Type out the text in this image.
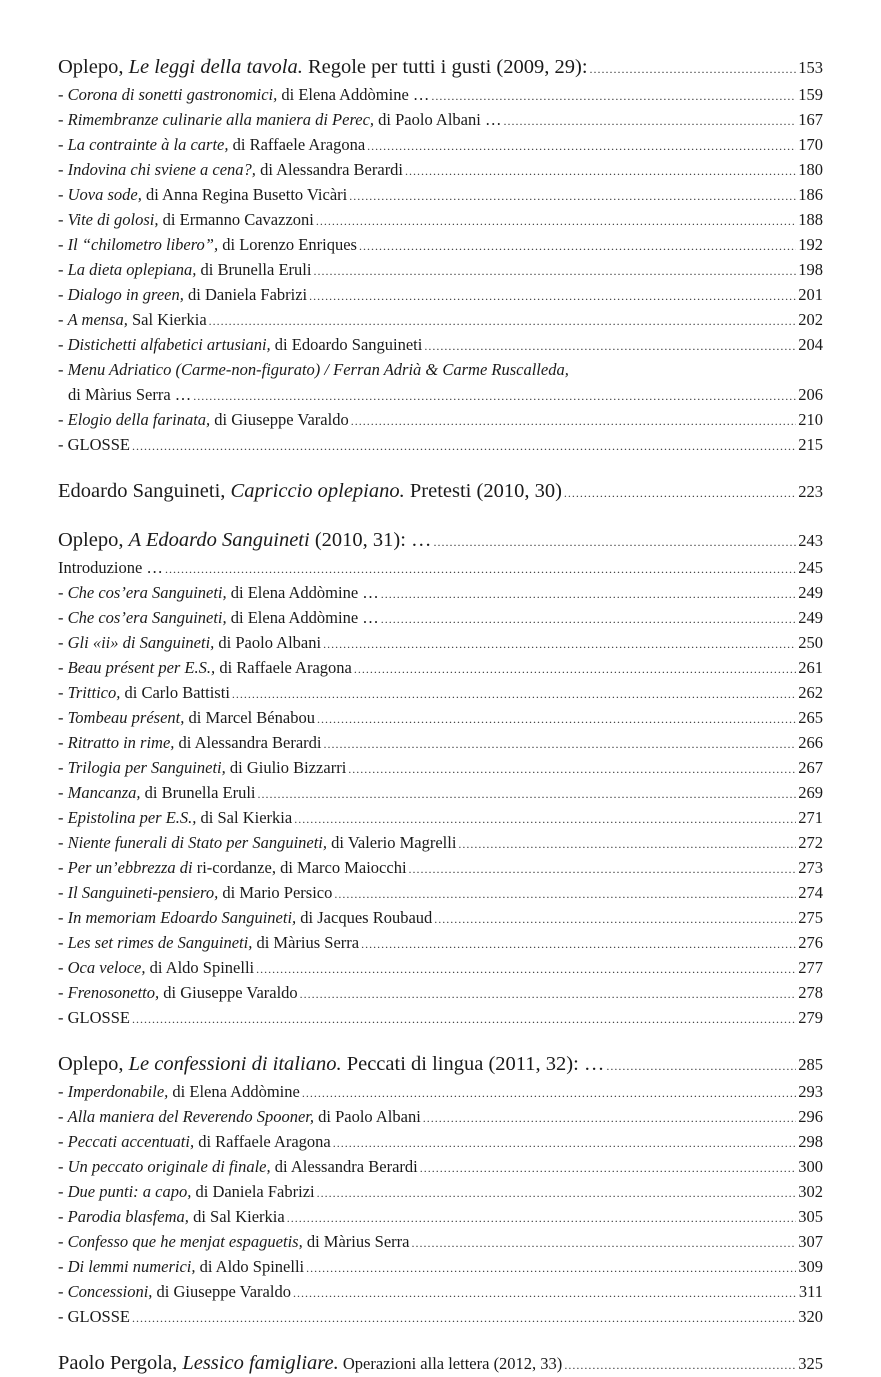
Oplepo, Le leggi della tavola. Regole per tutti i gusti (2009, 29): .....	153
- Corona di sonetti gastronomici, di Elena Addòmine … .....	159
- Rimembranze culinarie alla maniera di Perec, di Paolo Albani … .....	167
- La contrainte à la carte, di Raffaele Aragona .....	170
- Indovina chi sviene a cena?, di Alessandra Berardi .....	180
- Uova sode, di Anna Regina Busetto Vicàri .....	186
- Vite di golosi, di Ermanno Cavazzoni .....	188
- Il “chilometro libero”, di Lorenzo Enriques .....	192
- La dieta oplepiana, di Brunella Eruli .....	198
- Dialogo in green, di Daniela Fabrizi .....	201
- A mensa, Sal Kierkia .....	202
- Distichetti alfabetici artusiani, di Edoardo Sanguineti .....	204
- Menu Adriatico (Carme-non-figurato) / Ferran Adrià & Carme Ruscalleda,
di Màrius Serra … .....	206
- Elogio della farinata, di Giuseppe Varaldo .....	210
- GLOSSE .....	215
Edoardo Sanguineti, Capriccio oplepiano. Pretesti (2010, 30) .....	223
Oplepo, A Edoardo Sanguineti (2010, 31): … .....	243
Introduzione … .....	245
- Che cos’era Sanguineti, di Elena Addòmine … .....	249
- Che cos’era Sanguineti, di Elena Addòmine … .....	249
- Gli «ii» di Sanguineti, di Paolo Albani .....	250
- Beau présent per E.S., di Raffaele Aragona .....	261
- Trittico, di Carlo Battisti .....	262
- Tombeau présent, di Marcel Bénabou .....	265
- Ritratto in rime, di Alessandra Berardi .....	266
- Trilogia per Sanguineti, di Giulio Bizzarri .....	267
- Mancanza, di Brunella Eruli .....	269
- Epistolina per E.S., di Sal Kierkia .....	271
- Niente funerali di Stato per Sanguineti, di Valerio Magrelli .....	272
- Per un’ebbrezza di ri-cordanze, di Marco Maiocchi .....	273
- Il Sanguineti-pensiero, di Mario Persico .....	274
- In memoriam Edoardo Sanguineti, di Jacques Roubaud .....	275
- Les set rimes de Sanguineti, di Màrius Serra .....	276
- Oca veloce, di Aldo Spinelli .....	277
- Frenosonetto, di Giuseppe Varaldo .....	278
- GLOSSE .....	279
Oplepo, Le confessioni di italiano. Peccati di lingua (2011, 32): … .....	285
- Imperdonabile, di Elena Addòmine .....	293
- Alla maniera del Reverendo Spooner, di Paolo Albani .....	296
- Peccati accentuati, di Raffaele Aragona .....	298
- Un peccato originale di finale, di Alessandra Berardi .....	300
- Due punti: a capo, di Daniela Fabrizi .....	302
- Parodia blasfema, di Sal Kierkia .....	305
- Confesso que he menjat espaguetis, di Màrius Serra .....	307
- Di lemmi numerici, di Aldo Spinelli .....	309
- Concessioni, di Giuseppe Varaldo .....	311
- GLOSSE .....	320
Paolo Pergola, Lessico famigliare. Operazioni alla lettera (2012, 33) .....	325
